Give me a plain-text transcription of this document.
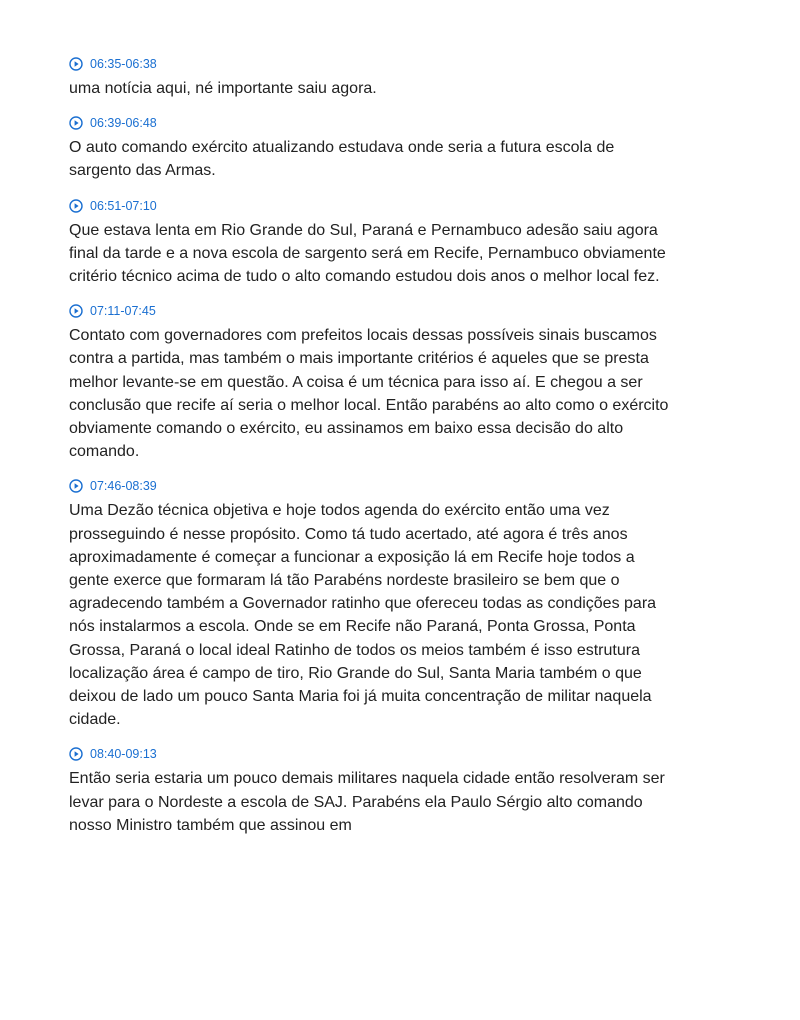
06:35-06:38

uma notícia aqui, né importante saiu agora.

06:39-06:48

O auto comando exército atualizando estudava onde seria a futura escola de sargento das Armas.

06:51-07:10

Que estava lenta em Rio Grande do Sul, Paraná e Pernambuco adesão saiu agora final da tarde e a nova escola de sargento será em Recife, Pernambuco obviamente critério técnico acima de tudo o alto comando estudou dois anos o melhor local fez.

07:11-07:45

Contato com governadores com prefeitos locais dessas possíveis sinais buscamos contra a partida, mas também o mais importante critérios é aqueles que se presta melhor levante-se em questão. A coisa é um técnica para isso aí. E chegou a ser conclusão que recife aí seria o melhor local. Então parabéns ao alto como o exército obviamente comando o exército, eu assinamos em baixo essa decisão do alto comando.

07:46-08:39

Uma Dezão técnica objetiva e hoje todos agenda do exército então uma vez prosseguindo é nesse propósito. Como tá tudo acertado, até agora é três anos aproximadamente é começar a funcionar a exposição lá em Recife hoje todos a gente exerce que formaram lá tão Parabéns nordeste brasileiro se bem que o agradecendo também a Governador ratinho que ofereceu todas as condições para nós instalarmos a escola. Onde se em Recife não Paraná, Ponta Grossa, Ponta Grossa, Paraná o local ideal Ratinho de todos os meios também é isso estrutura localização área é campo de tiro, Rio Grande do Sul, Santa Maria também o que deixou de lado um pouco Santa Maria foi já muita concentração de militar naquela cidade.

08:40-09:13

Então seria estaria um pouco demais militares naquela cidade então resolveram ser levar para o Nordeste a escola de SAJ. Parabéns ela Paulo Sérgio alto comando nosso Ministro também que assinou em
